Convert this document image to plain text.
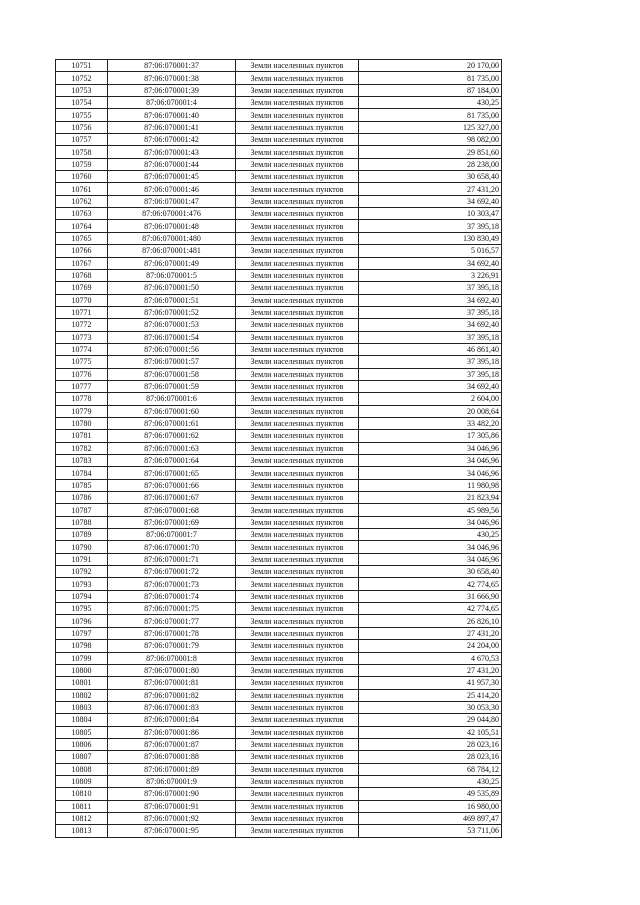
10751	87:06:070001:37	Земли населенных пунктов	20 170,00
10752	87:06:070001:38	Земли населенных пунктов	81 735,00
10753	87:06:070001:39	Земли населенных пунктов	87 184,00
10754	87:06:070001:4	Земли населенных пунктов	430,25
10755	87:06:070001:40	Земли населенных пунктов	81 735,00
10756	87:06:070001:41	Земли населенных пунктов	125 327,00
10757	87:06:070001:42	Земли населенных пунктов	98 082,00
10758	87:06:070001:43	Земли населенных пунктов	29 851,60
10759	87:06:070001:44	Земли населенных пунктов	28 238,00
10760	87:06:070001:45	Земли населенных пунктов	30 658,40
10761	87:06:070001:46	Земли населенных пунктов	27 431,20
10762	87:06:070001:47	Земли населенных пунктов	34 692,40
10763	87:06:070001:476	Земли населенных пунктов	10 303,47
10764	87:06:070001:48	Земли населенных пунктов	37 395,18
10765	87:06:070001:480	Земли населенных пунктов	130 830,49
10766	87:06:070001:481	Земли населенных пунктов	5 016,57
10767	87:06:070001:49	Земли населенных пунктов	34 692,40
10768	87:06:070001:5	Земли населенных пунктов	3 226,91
10769	87:06:070001:50	Земли населенных пунктов	37 395,18
10770	87:06:070001:51	Земли населенных пунктов	34 692,40
10771	87:06:070001:52	Земли населенных пунктов	37 395,18
10772	87:06:070001:53	Земли населенных пунктов	34 692,40
10773	87:06:070001:54	Земли населенных пунктов	37 395,18
10774	87:06:070001:56	Земли населенных пунктов	46 861,40
10775	87:06:070001:57	Земли населенных пунктов	37 395,18
10776	87:06:070001:58	Земли населенных пунктов	37 395,18
10777	87:06:070001:59	Земли населенных пунктов	34 692,40
10778	87:06:070001:6	Земли населенных пунктов	2 604,00
10779	87:06:070001:60	Земли населенных пунктов	20 008,64
10780	87:06:070001:61	Земли населенных пунктов	33 482,20
10781	87:06:070001:62	Земли населенных пунктов	17 305,86
10782	87:06:070001:63	Земли населенных пунктов	34 046,96
10783	87:06:070001:64	Земли населенных пунктов	34 046,96
10784	87:06:070001:65	Земли населенных пунктов	34 046,96
10785	87:06:070001:66	Земли населенных пунктов	11 980,98
10786	87:06:070001:67	Земли населенных пунктов	21 823,94
10787	87:06:070001:68	Земли населенных пунктов	45 989,56
10788	87:06:070001:69	Земли населенных пунктов	34 046,96
10789	87:06:070001:7	Земли населенных пунктов	430,25
10790	87:06:070001:70	Земли населенных пунктов	34 046,96
10791	87:06:070001:71	Земли населенных пунктов	34 046,96
10792	87:06:070001:72	Земли населенных пунктов	30 658,40
10793	87:06:070001:73	Земли населенных пунктов	42 774,65
10794	87:06:070001:74	Земли населенных пунктов	31 666,90
10795	87:06:070001:75	Земли населенных пунктов	42 774,65
10796	87:06:070001:77	Земли населенных пунктов	26 826,10
10797	87:06:070001:78	Земли населенных пунктов	27 431,20
10798	87:06:070001:79	Земли населенных пунктов	24 204,00
10799	87:06:070001:8	Земли населенных пунктов	4 670,53
10800	87:06:070001:80	Земли населенных пунктов	27 431,20
10801	87:06:070001:81	Земли населенных пунктов	41 957,30
10802	87:06:070001:82	Земли населенных пунктов	25 414,20
10803	87:06:070001:83	Земли населенных пунктов	30 053,30
10804	87:06:070001:84	Земли населенных пунктов	29 044,80
10805	87:06:070001:86	Земли населенных пунктов	42 105,51
10806	87:06:070001:87	Земли населенных пунктов	28 023,16
10807	87:06:070001:88	Земли населенных пунктов	28 023,16
10808	87:06:070001:89	Земли населенных пунктов	68 784,12
10809	87:06:070001:9	Земли населенных пунктов	430,25
10810	87:06:070001:90	Земли населенных пунктов	49 535,89
10811	87:06:070001:91	Земли населенных пунктов	16 980,00
10812	87:06:070001:92	Земли населенных пунктов	469 897,47
10813	87:06:070001:95	Земли населенных пунктов	53 711,06
